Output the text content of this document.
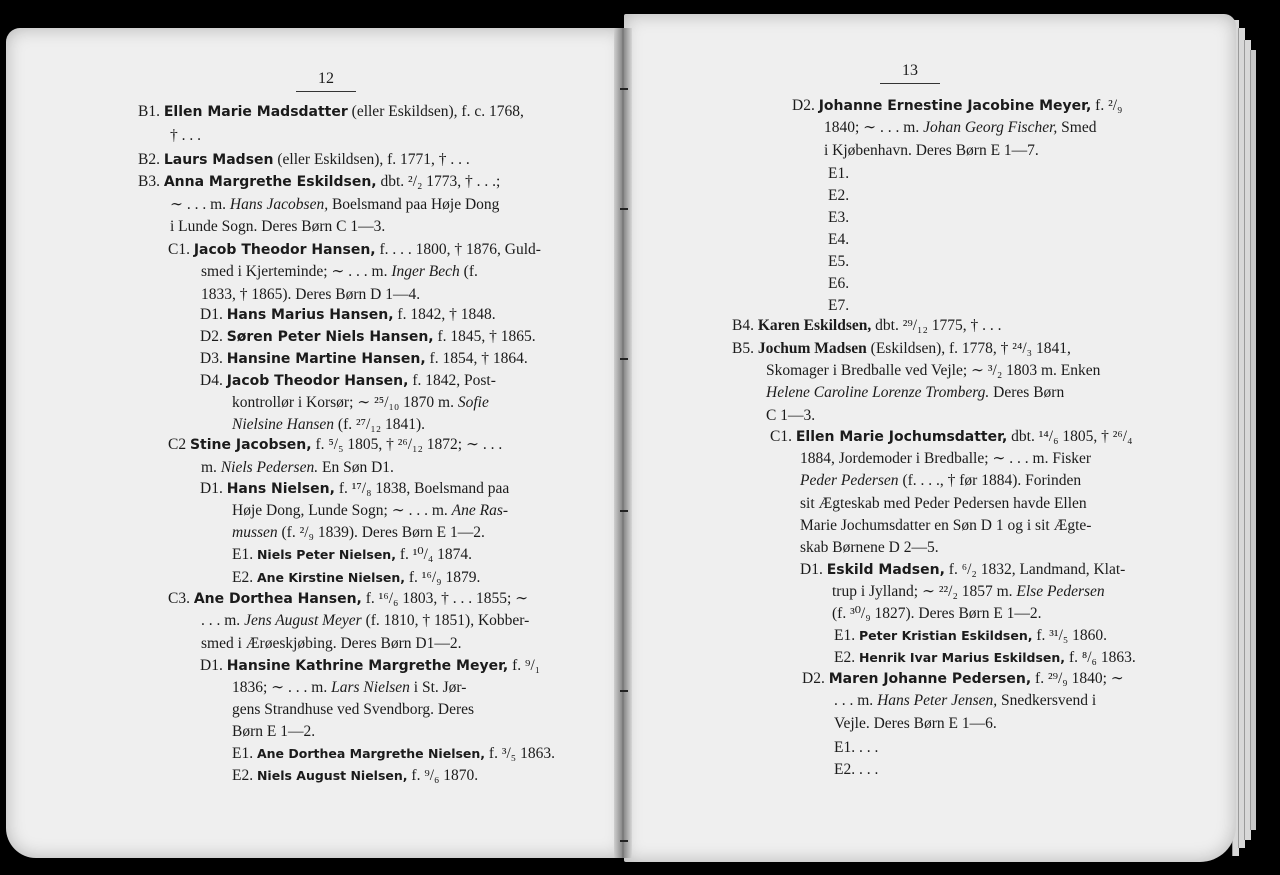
12	13
B1. Ellen Marie Madsdatter (eller Eskildsen), f. c. 1768,
† . . .
B2. Laurs Madsen (eller Eskildsen), f. 1771, † . . .
B3. Anna Margrethe Eskildsen, dbt. ²/₂ 1773, † . . .;
∼ . . . m. Hans Jacobsen, Boelsmand paa Høje Dong
i Lunde Sogn. Deres Børn C 1—3.
C1. Jacob Theodor Hansen, f. . . . 1800, † 1876, Guld-
smed i Kjerteminde; ∼ . . . m. Inger Bech (f.
1833, † 1865). Deres Børn D 1—4.
D1. Hans Marius Hansen, f. 1842, † 1848.
D2. Søren Peter Niels Hansen, f. 1845, † 1865.
D3. Hansine Martine Hansen, f. 1854, † 1864.
D4. Jacob Theodor Hansen, f. 1842, Post-
kontrollør i Korsør; ∼ ²⁵/₁₀ 1870 m. Sofie
Nielsine Hansen (f. ²⁷/₁₂ 1841).
C2 Stine Jacobsen, f. ⁵/₅ 1805, † ²⁶/₁₂ 1872; ∼ . . .
m. Niels Pedersen. En Søn D1.
D1. Hans Nielsen, f. ¹⁷/₈ 1838, Boelsmand paa
Høje Dong, Lunde Sogn; ∼ . . . m. Ane Ras-
mussen (f. ²/₉ 1839). Deres Børn E 1—2.
E1. Niels Peter Nielsen, f. ¹⁰/₄ 1874.
E2. Ane Kirstine Nielsen, f. ¹⁶/₉ 1879.
C3. Ane Dorthea Hansen, f. ¹⁶/₆ 1803, † . . . 1855; ∼
. . . m. Jens August Meyer (f. 1810, † 1851), Kobber-
smed i Ærøeskjøbing. Deres Børn D1—2.
D1. Hansine Kathrine Margrethe Meyer, f. ⁹/₁
1836; ∼ . . . m. Lars Nielsen i St. Jør-
gens Strandhuse ved Svendborg. Deres
Børn E 1—2.
E1. Ane Dorthea Margrethe Nielsen, f. ³/₅ 1863.
E2. Niels August Nielsen, f. ⁹/₆ 1870.
D2. Johanne Ernestine Jacobine Meyer, f. ²/₉
1840; ∼ . . . m. Johan Georg Fischer, Smed
i Kjøbenhavn. Deres Børn E 1—7.
E1.
E2.
E3.
E4.
E5.
E6.
E7.
B4. Karen Eskildsen, dbt. ²⁹/₁₂ 1775, † . . .
B5. Jochum Madsen (Eskildsen), f. 1778, † ²⁴/₃ 1841,
Skomager i Bredballe ved Vejle; ∼ ³/₂ 1803 m. Enken
Helene Caroline Lorenze Tromberg. Deres Børn
C 1—3.
C1. Ellen Marie Jochumsdatter, dbt. ¹⁴/₆ 1805, † ²⁶/₄
1884, Jordemoder i Bredballe; ∼ . . . m. Fisker
Peder Pedersen (f. . . ., † før 1884). Forinden
sit Ægteskab med Peder Pedersen havde Ellen
Marie Jochumsdatter en Søn D 1 og i sit Ægte-
skab Børnene D 2—5.
D1. Eskild Madsen, f. ⁶/₂ 1832, Landmand, Klat-
trup i Jylland; ∼ ²²/₂ 1857 m. Else Pedersen
(f. ³⁰/₉ 1827). Deres Børn E 1—2.
E1. Peter Kristian Eskildsen, f. ³¹/₅ 1860.
E2. Henrik Ivar Marius Eskildsen, f. ⁸/₆ 1863.
D2. Maren Johanne Pedersen, f. ²⁹/₉ 1840; ∼
. . . m. Hans Peter Jensen, Snedkersvend i
Vejle. Deres Børn E 1—6.
E1. . . .
E2. . . .
